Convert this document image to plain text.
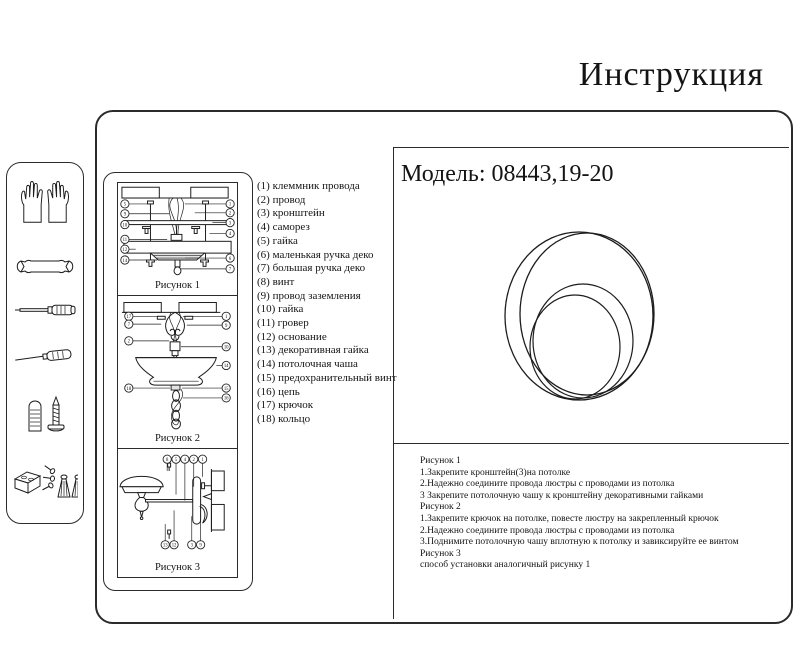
Инструкция
5
9
10
11
12
14
1
2
3
4
6
7
Рисунок 1
17
7
2
18
1
9
10
14
15
16
Рисунок 2
8 5 4 2 1
13 12	3 9
Рисунок 3
(1) клеммник провода
(2) провод
(3) кронштейн
(4) саморез
(5) гайка
(6) маленькая ручка деко
(7) большая ручка деко
(8) винт
(9) провод заземления
(10) гайка
(11) гровер
(12) основание
(13) декоративная гайка
(14) потолочная чаша
(15) предохранительный винт
(16) цепь
(17) крючок
(18) кольцо
Модель: 08443,19-20
Рисунок 1
1.Закрепите кронштейн(3)на потолке
2.Надежно соедините провода люстры с проводами из потолка
3 Закрепите потолочную чашу к кронштейну декоративными гайками
Рисунок 2
1.Закрепите крючок на потолке, повесте люстру на закрепленный крючок
2.Надежно соедините провода люстры с проводами из потолка
3.Поднимите потолочную чашу вплотную к потолку и завиксируйте ее винтом
Рисунок 3
способ установки аналогичный рисунку 1
